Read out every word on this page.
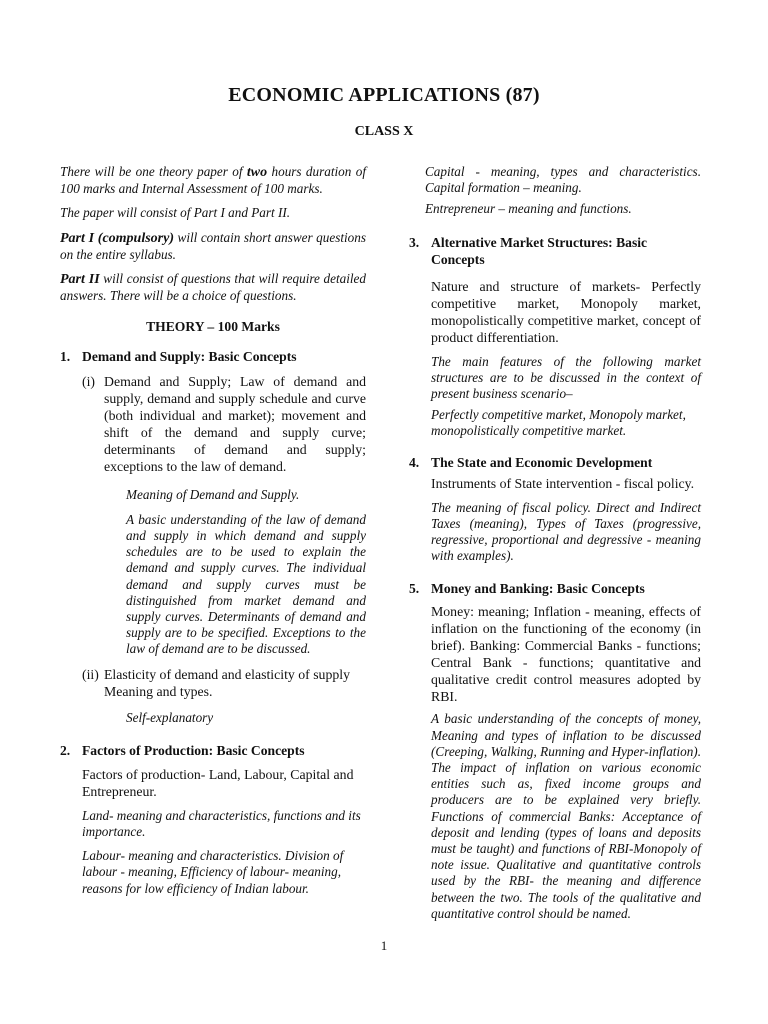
ECONOMIC APPLICATIONS (87)
CLASS X

There will be one theory paper of two hours duration of 100 marks and Internal Assessment of 100 marks.

The paper will consist of Part I and Part II.

Part I (compulsory) will contain short answer questions on the entire syllabus.

Part II will consist of questions that will require detailed answers. There will be a choice of questions.

THEORY – 100 Marks
1. Demand and Supply: Basic Concepts
(i) Demand and Supply; Law of demand and supply, demand and supply schedule and curve (both individual and market); movement and shift of the demand and supply curve; determinants of demand and supply; exceptions to the law of demand.

Meaning of Demand and Supply.

A basic understanding of the law of demand and supply in which demand and supply schedules are to be used to explain the demand and supply curves. The individual demand and supply curves must be distinguished from market demand and supply curves. Determinants of demand and supply are to be specified. Exceptions to the law of demand are to be discussed.

(ii) Elasticity of demand and elasticity of supply Meaning and types.

Self-explanatory

2. Factors of Production: Basic Concepts

Factors of production- Land, Labour, Capital and Entrepreneur.

Land- meaning and characteristics, functions and its importance.

Labour- meaning and characteristics. Division of labour - meaning, Efficiency of labour- meaning, reasons for low efficiency of Indian labour.

Capital - meaning, types and characteristics. Capital formation – meaning.

Entrepreneur – meaning and functions.

3. Alternative Market Structures: Basic Concepts

Nature and structure of markets- Perfectly competitive market, Monopoly market, monopolistically competitive market, concept of product differentiation.

The main features of the following market structures are to be discussed in the context of present business scenario–

Perfectly competitive market, Monopoly market, monopolistically competitive market.

4. The State and Economic Development

Instruments of State intervention - fiscal policy.

The meaning of fiscal policy. Direct and Indirect Taxes (meaning), Types of Taxes (progressive, regressive, proportional and degressive - meaning with examples).

5. Money and Banking: Basic Concepts

Money: meaning; Inflation - meaning, effects of inflation on the functioning of the economy (in brief). Banking: Commercial Banks - functions; Central Bank - functions; quantitative and qualitative credit control measures adopted by RBI.

A basic understanding of the concepts of money, Meaning and types of inflation to be discussed (Creeping, Walking, Running and Hyper-inflation). The impact of inflation on various economic entities such as, fixed income groups and producers are to be explained very briefly. Functions of commercial Banks: Acceptance of deposit and lending (types of loans and deposits must be taught) and functions of RBI-Monopoly of note issue. Qualitative and quantitative controls used by the RBI- the meaning and difference between the two. The tools of the qualitative and quantitative control should be named.

1
